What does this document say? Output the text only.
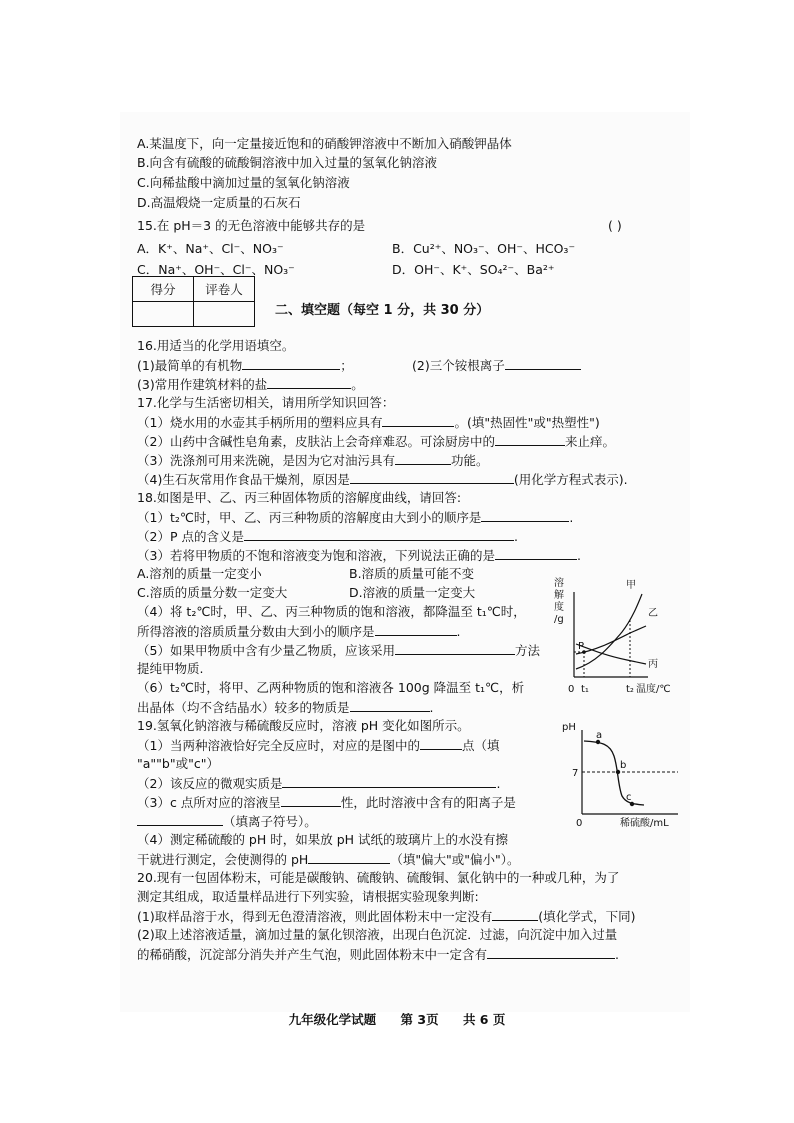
A.某温度下，向一定量接近饱和的硝酸钾溶液中不断加入硝酸钾晶体
B.向含有硫酸的硫酸铜溶液中加入过量的氢氧化钠溶液
C.向稀盐酸中滴加过量的氢氧化钠溶液
D.高温煅烧一定质量的石灰石
15.在 pH＝3 的无色溶液中能够共存的是	( )
A．K⁺、Na⁺、Cl⁻、NO₃⁻	B．Cu²⁺、NO₃⁻、OH⁻、HCO₃⁻
C．Na⁺、OH⁻、Cl⁻、NO₃⁻	D．OH⁻、K⁺、SO₄²⁻、Ba²⁺
得分	评卷人

二、填空题（每空 1 分，共 30 分）
16.用适当的化学用语填空。
(1)最简单的有机物	；	(2)三个铵根离子
(3)常用作建筑材料的盐	。
17.化学与生活密切相关，请用所学知识回答：
（1）烧水用的水壶其手柄所用的塑料应具有	。(填"热固性"或"热塑性")
（2）山药中含碱性皂角素，皮肤沾上会奇痒难忍。可涂厨房中的	来止痒。
（3）洗涤剂可用来洗碗，是因为它对油污具有	功能。
（4)生石灰常用作食品干燥剂，原因是	(用化学方程式表示).
18.如图是甲、乙、丙三种固体物质的溶解度曲线，请回答:
（1）t₂℃时，甲、乙、丙三种物质的溶解度由大到小的顺序是	.
（2）P 点的含义是	.
（3）若将甲物质的不饱和溶液变为饱和溶液，下列说法正确的是	.
A.溶剂的质量一定变小	B.溶质的质量可能不变
C.溶质的质量分数一定变大	D.溶液的质量一定变大
（4）将 t₂℃时，甲、乙、丙三种物质的饱和溶液，都降温至 t₁℃时，
所得溶液的溶质质量分数由大到小的顺序是	.
（5）如果甲物质中含有少量乙物质，应该采用	方法
提纯甲物质.
（6）t₂℃时，将甲、乙两种物质的饱和溶液各 100g 降温至 t₁℃，析
出晶体（均不含结晶水）较多的物质是	.
溶
解
度
/g
甲
乙
丙
P
0 t₁	t₂ 温度/℃
19.氢氧化钠溶液与稀硫酸反应时，溶液 pH 变化如图所示。
（1）当两种溶液恰好完全反应时，对应的是图中的	点（填
"a""b"或"c"）
（2）该反应的微观实质是	.
（3）c 点所对应的溶液呈	性，此时溶液中含有的阳离子是
（填离子符号）。
（4）测定稀硫酸的 pH 时，如果放 pH 试纸的玻璃片上的水没有擦
干就进行测定，会使测得的 pH	（填"偏大"或"偏小"）。
pH
7
0	稀硫酸/mL
a
b
c
20.现有一包固体粉末，可能是碳酸钠、硫酸钠、硫酸铜、氯化钠中的一种或几种，为了
测定其组成，取适量样品进行下列实验，请根据实验现象判断:
(1)取样品溶于水，得到无色澄清溶液，则此固体粉末中一定没有	(填化学式，下同)
(2)取上述溶液适量，滴加过量的氯化钡溶液，出现白色沉淀．过滤，向沉淀中加入过量
的稀硝酸，沉淀部分消失并产生气泡，则此固体粉末中一定含有	.
九年级化学试题 第 3页 共 6 页
